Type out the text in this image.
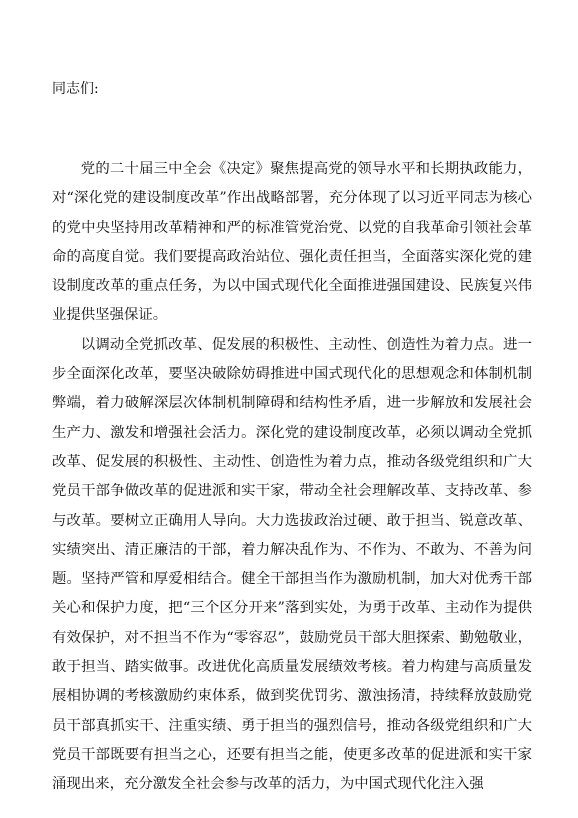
同志们:

党的二十届三中全会《决定》聚焦提高党的领导水平和长期执政能力，对“深化党的建设制度改革”作出战略部署，充分体现了以习近平同志为核心的党中央坚持用改革精神和严的标准管党治党、以党的自我革命引领社会革命的高度自觉。我们要提高政治站位、强化责任担当，全面落实深化党的建设制度改革的重点任务，为以中国式现代化全面推进强国建设、民族复兴伟业提供坚强保证。

以调动全党抓改革、促发展的积极性、主动性、创造性为着力点。进一步全面深化改革，要坚决破除妨碍推进中国式现代化的思想观念和体制机制弊端，着力破解深层次体制机制障碍和结构性矛盾，进一步解放和发展社会生产力、激发和增强社会活力。深化党的建设制度改革，必须以调动全党抓改革、促发展的积极性、主动性、创造性为着力点，推动各级党组织和广大党员干部争做改革的促进派和实干家，带动全社会理解改革、支持改革、参与改革。要树立正确用人导向。大力选拔政治过硬、敢于担当、锐意改革、实绩突出、清正廉洁的干部，着力解决乱作为、不作为、不敢为、不善为问题。坚持严管和厚爱相结合。健全干部担当作为激励机制，加大对优秀干部关心和保护力度，把“三个区分开来”落到实处，为勇于改革、主动作为提供有效保护，对不担当不作为“零容忍”，鼓励党员干部大胆探索、勤勉敬业，敢于担当、踏实做事。改进优化高质量发展绩效考核。着力构建与高质量发展相协调的考核激励约束体系，做到奖优罚劣、激浊扬清，持续释放鼓励党员干部真抓实干、注重实绩、勇于担当的强烈信号，推动各级党组织和广大党员干部既要有担当之心，还要有担当之能，使更多改革的促进派和实干家涌现出来，充分激发全社会参与改革的活力，为中国式现代化注入强
